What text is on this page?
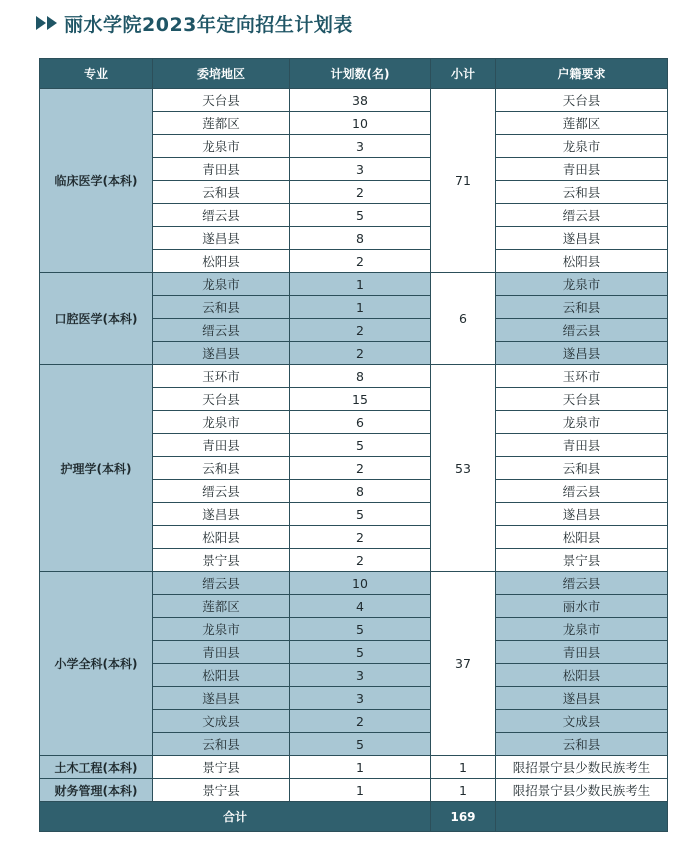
丽水学院2023年定向招生计划表
专业	委培地区	计划数(名)	小计	户籍要求
临床医学(本科)	天台县	38	71	天台县
	莲都区	10		莲都区
	龙泉市	3		龙泉市
	青田县	3		青田县
	云和县	2		云和县
	缙云县	5		缙云县
	遂昌县	8		遂昌县
	松阳县	2		松阳县
口腔医学(本科)	龙泉市	1	6	龙泉市
	云和县	1		云和县
	缙云县	2		缙云县
	遂昌县	2		遂昌县
护理学(本科)	玉环市	8	53	玉环市
	天台县	15		天台县
	龙泉市	6		龙泉市
	青田县	5		青田县
	云和县	2		云和县
	缙云县	8		缙云县
	遂昌县	5		遂昌县
	松阳县	2		松阳县
	景宁县	2		景宁县
小学全科(本科)	缙云县	10	37	缙云县
	莲都区	4		丽水市
	龙泉市	5		龙泉市
	青田县	5		青田县
	松阳县	3		松阳县
	遂昌县	3		遂昌县
	文成县	2		文成县
	云和县	5		云和县
土木工程(本科)	景宁县	1	1	限招景宁县少数民族考生
财务管理(本科)	景宁县	1	1	限招景宁县少数民族考生
合计			169	
